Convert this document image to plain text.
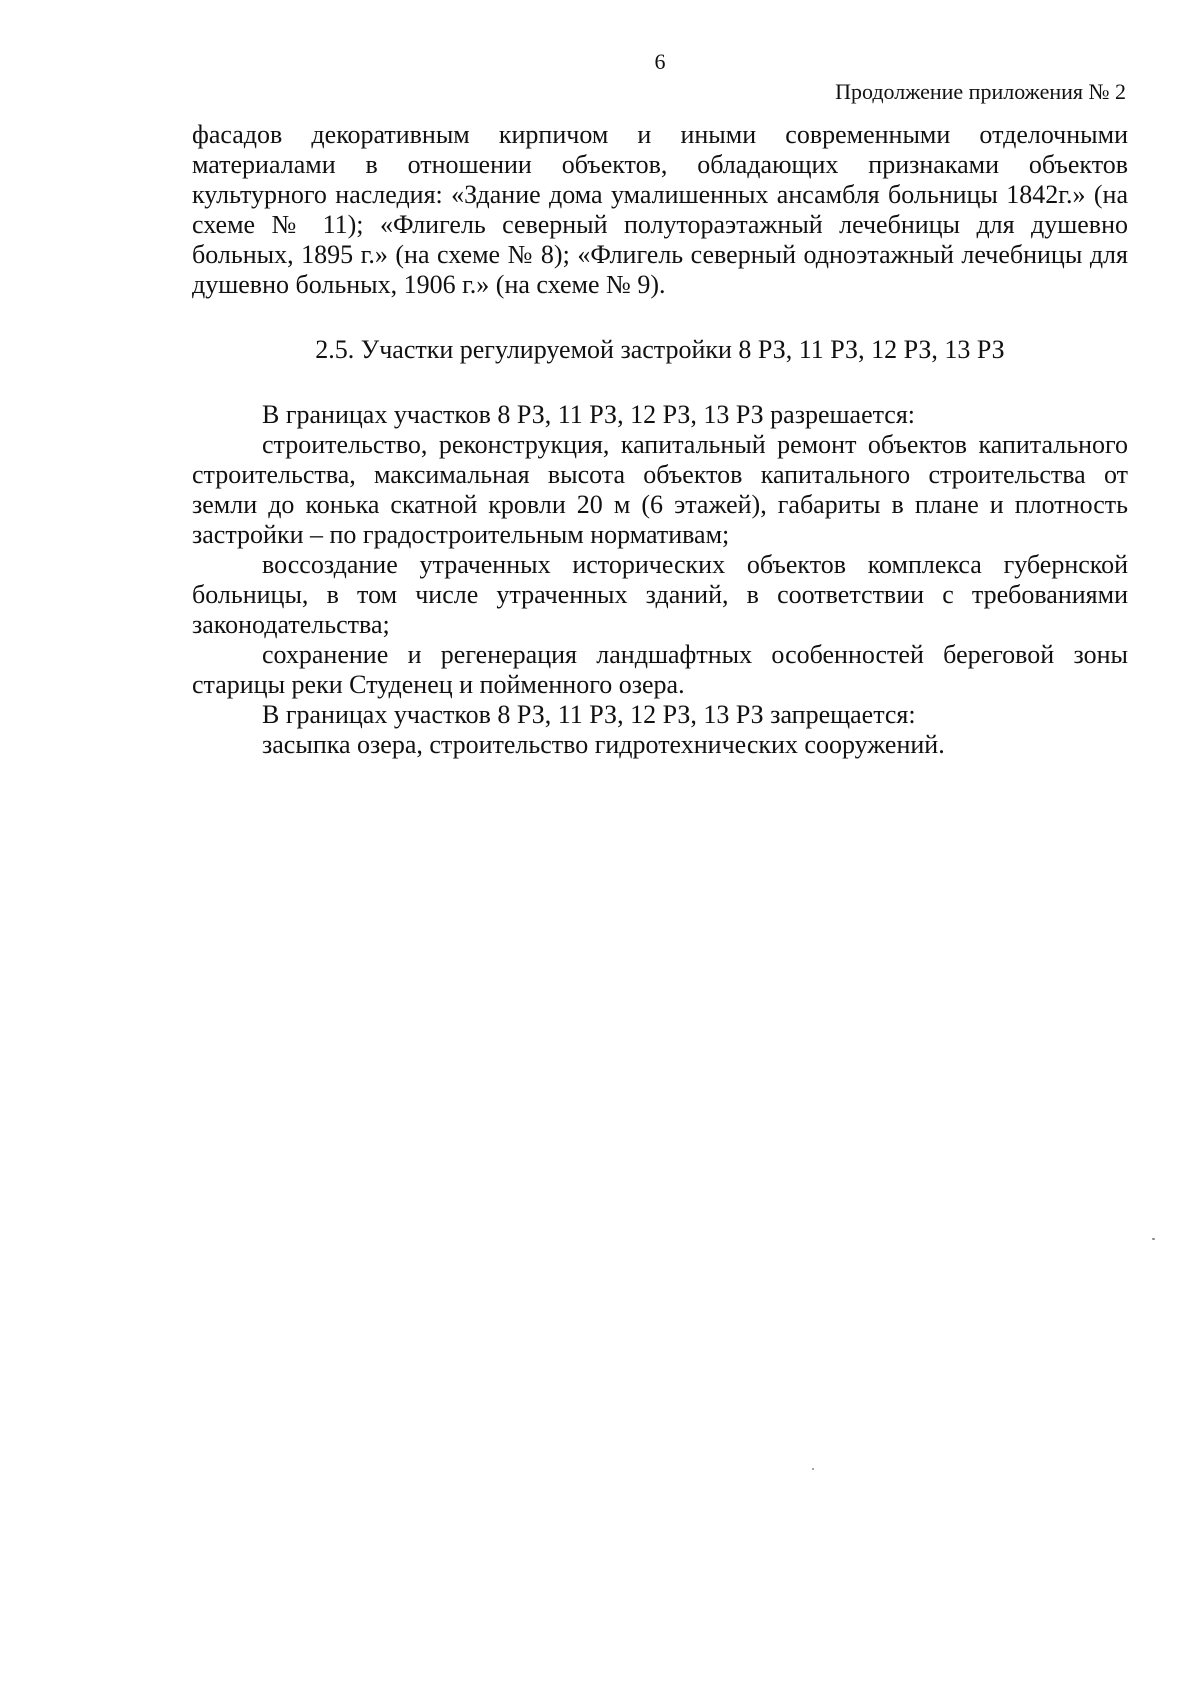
6
Продолжение приложения № 2

фасадов декоративным кирпичом и иными современными отделочными материалами в отношении объектов, обладающих признаками объектов культурного наследия: «Здание дома умалишенных ансамбля больницы 1842г.» (на схеме № 11); «Флигель северный полутораэтажный лечебницы для душевно больных, 1895 г.» (на схеме № 8); «Флигель северный одноэтажный лечебницы для душевно больных, 1906 г.» (на схеме № 9).

2.5. Участки регулируемой застройки 8 РЗ, 11 РЗ, 12 РЗ, 13 РЗ

В границах участков 8 РЗ, 11 РЗ, 12 РЗ, 13 РЗ разрешается:

строительство, реконструкция, капитальный ремонт объектов капитального строительства, максимальная высота объектов капитального строительства от земли до конька скатной кровли 20 м (6 этажей), габариты в плане и плотность застройки – по градостроительным нормативам;

воссоздание утраченных исторических объектов комплекса губернской больницы, в том числе утраченных зданий, в соответствии с требованиями законодательства;

сохранение и регенерация ландшафтных особенностей береговой зоны старицы реки Студенец и пойменного озера.

В границах участков 8 РЗ, 11 РЗ, 12 РЗ, 13 РЗ запрещается:

засыпка озера, строительство гидротехнических сооружений.
